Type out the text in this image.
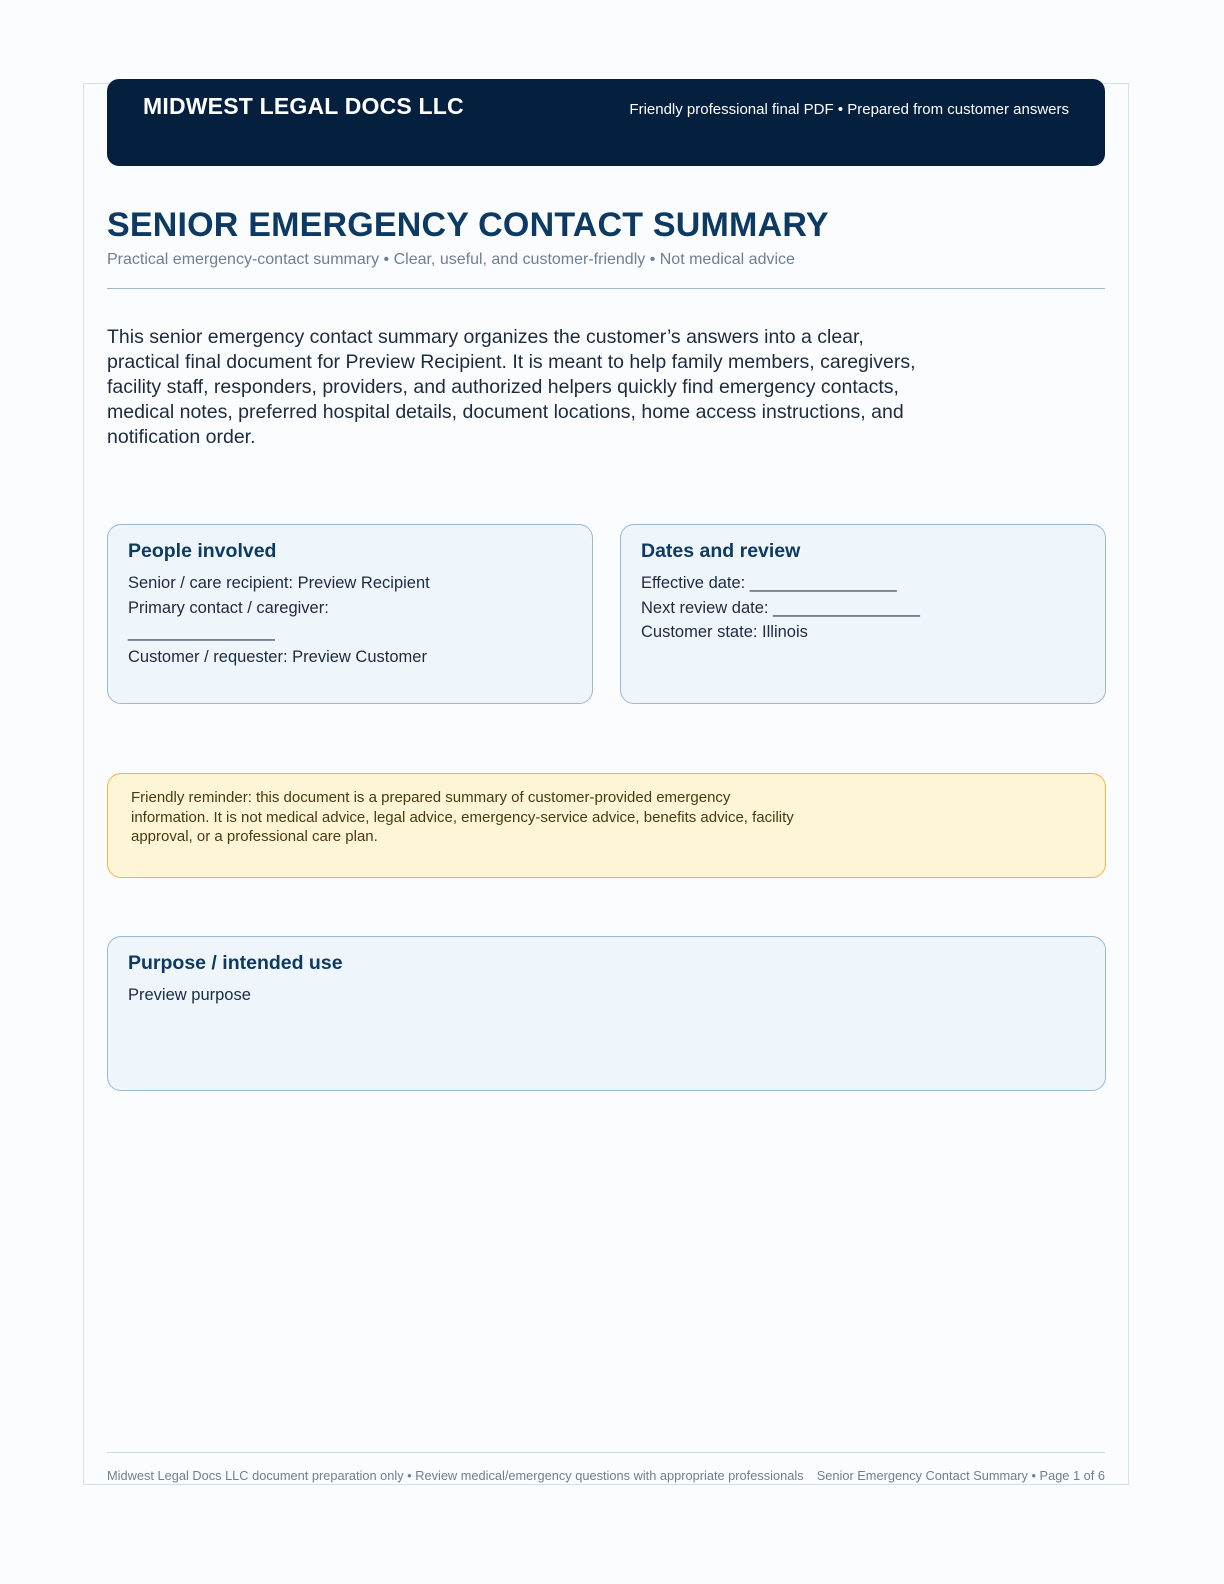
MIDWEST LEGAL DOCS LLC	Friendly professional final PDF • Prepared from customer answers
SENIOR EMERGENCY CONTACT SUMMARY
Practical emergency-contact summary • Clear, useful, and customer-friendly • Not medical advice

This senior emergency contact summary organizes the customer’s answers into a clear, practical final document for Preview Recipient. It is meant to help family members, caregivers, facility staff, responders, providers, and authorized helpers quickly find emergency contacts, medical notes, preferred hospital details, document locations, home access instructions, and notification order.

People involved
Senior / care recipient: Preview Recipient
Primary contact / caregiver: ________________
Customer / requester: Preview Customer
Dates and review
Effective date: ________________
Next review date: ________________
Customer state: Illinois

Friendly reminder: this document is a prepared summary of customer-provided emergency information. It is not medical advice, legal advice, emergency-service advice, benefits advice, facility approval, or a professional care plan.

Purpose / intended use
Preview purpose
Midwest Legal Docs LLC document preparation only • Review medical/emergency questions with appropriate professionals Senior Emergency Contact Summary • Page 1 of 6
